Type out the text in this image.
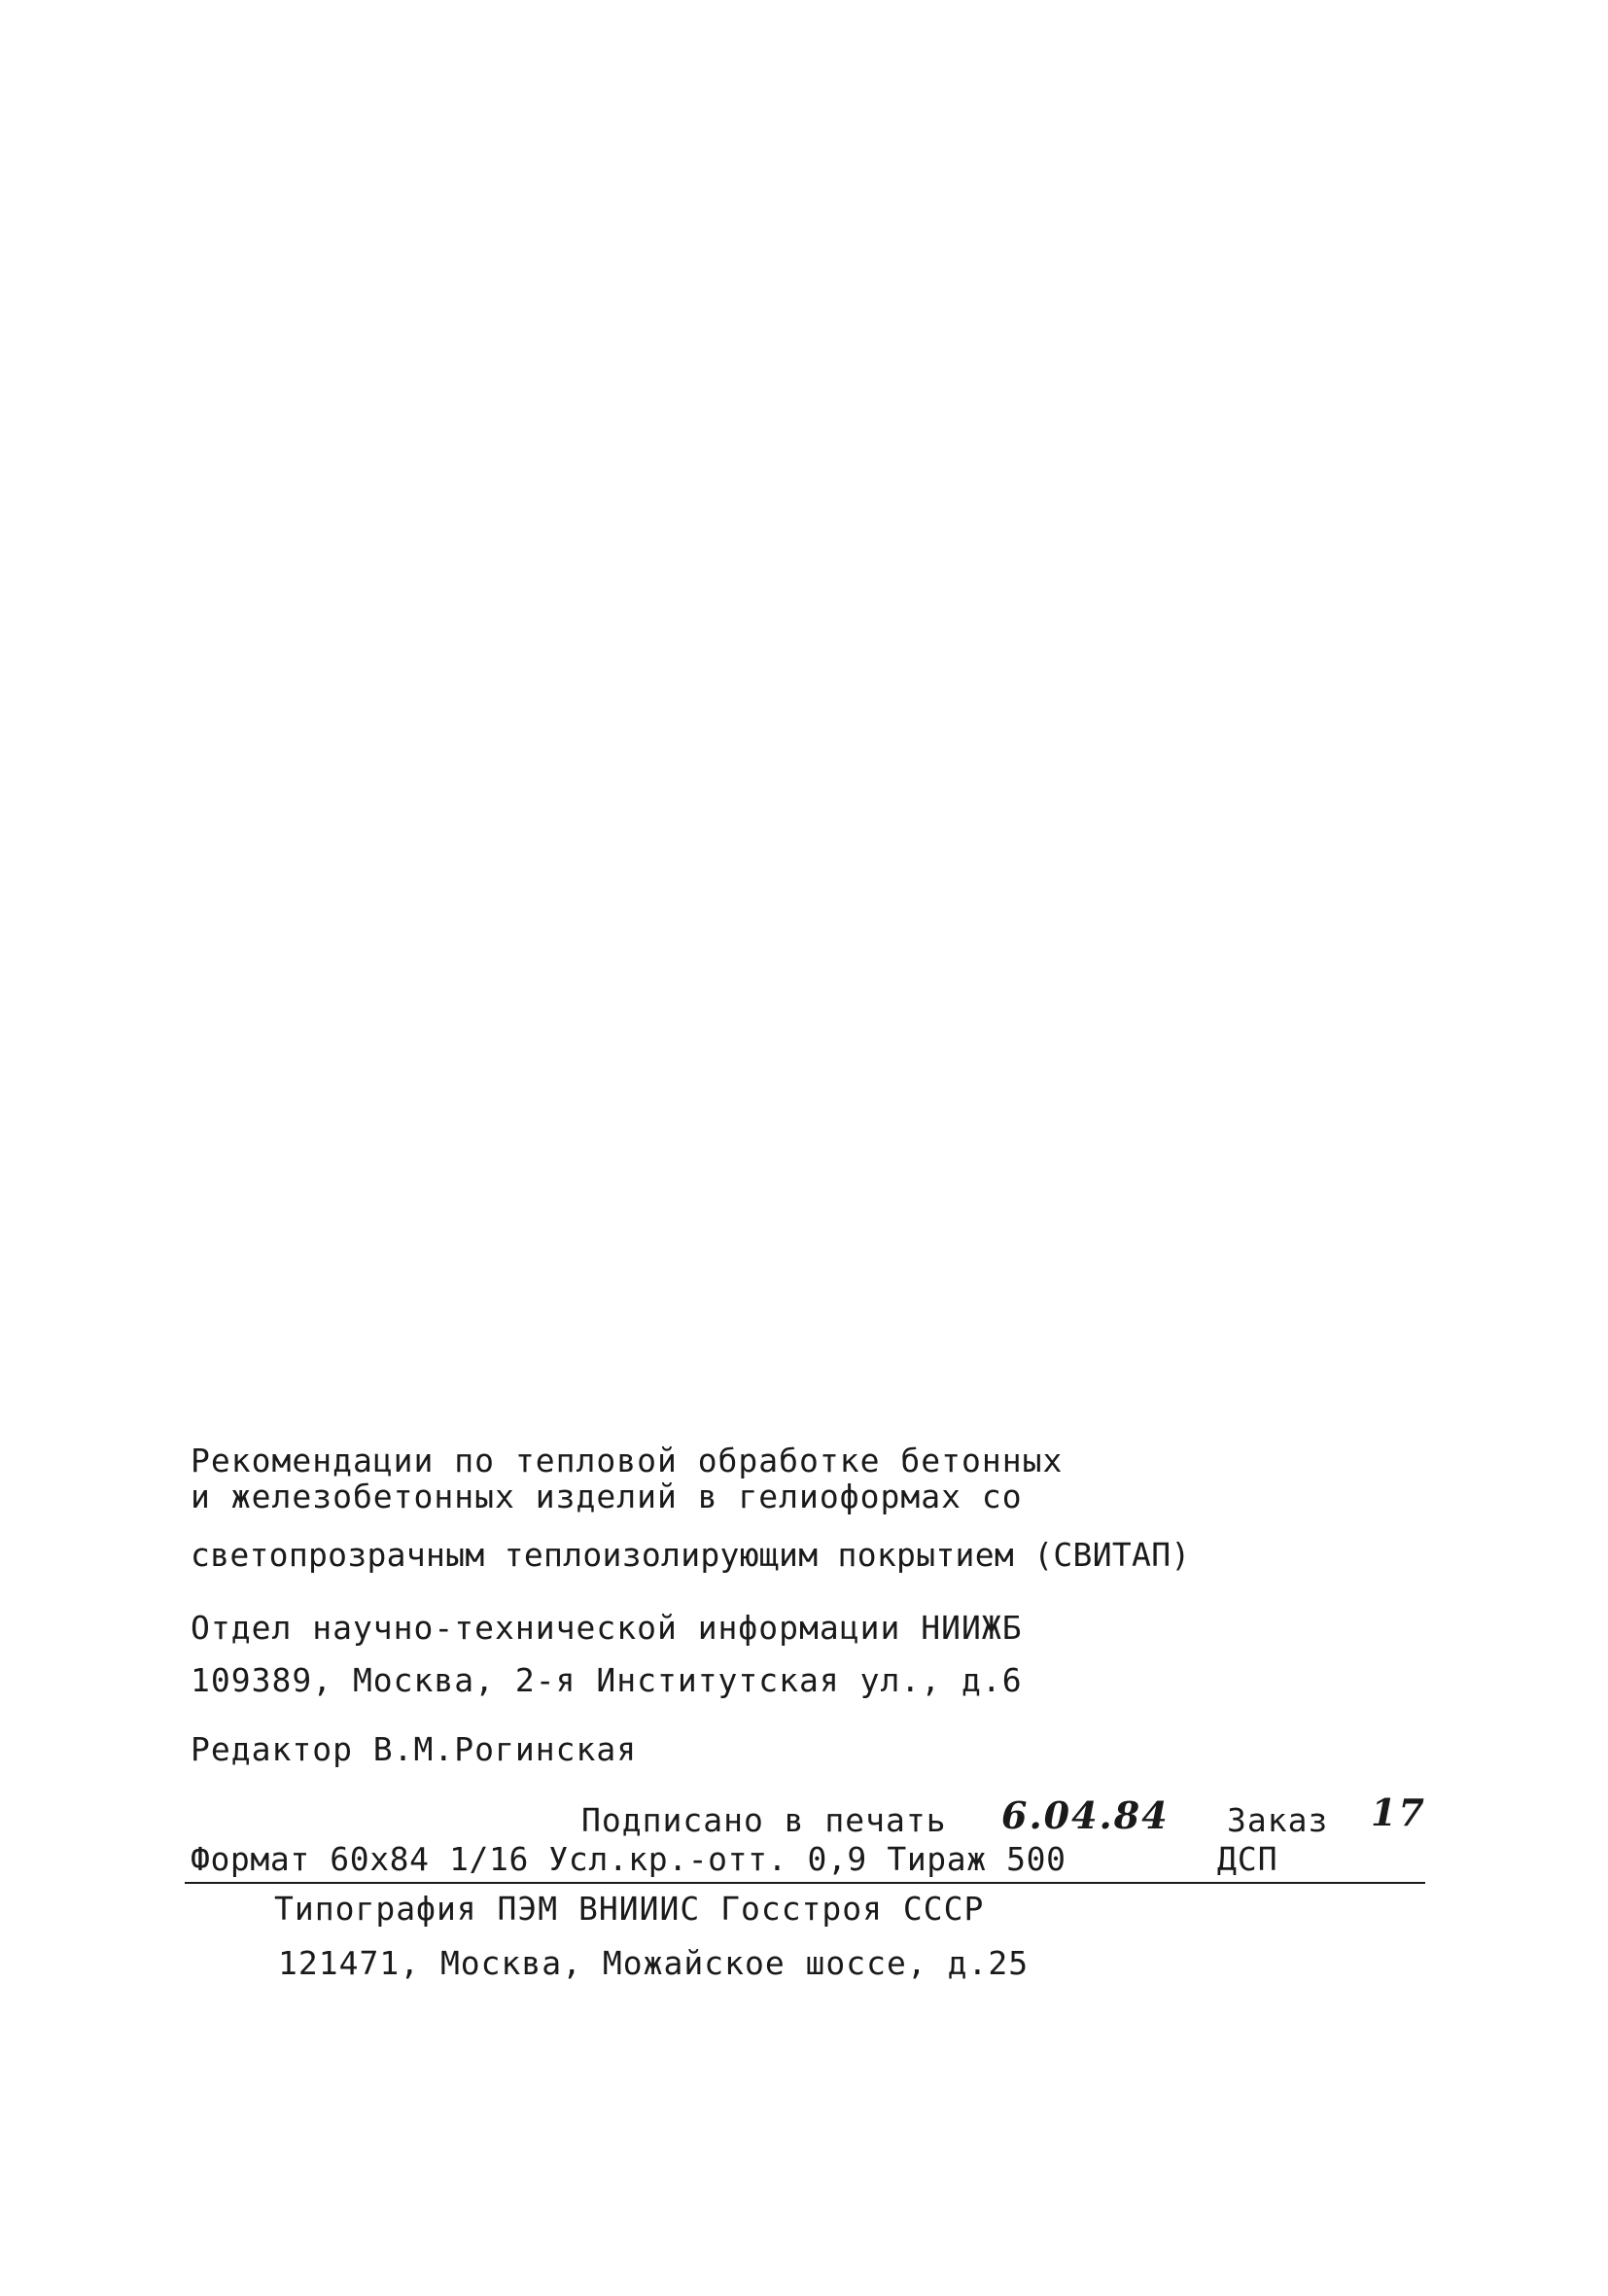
Рекомендации по тепловой обработке бетонных
и железобетонных изделий в гелиоформах со
светопрозрачным теплоизолирующим покрытием (СВИТАП)
Отдел научно-технической информации НИИЖБ
109389, Москва, 2-я Институтская ул., д.6
Редактор В.М.Рогинская
Подписано в печать 6.04.84 Заказ 17
Формат 60х84 1/16 Усл.кр.-отт. 0,9 Тираж 500	ДСП
Типография ПЭМ ВНИИИС Госстроя СССР
121471, Москва, Можайское шоссе, д.25
